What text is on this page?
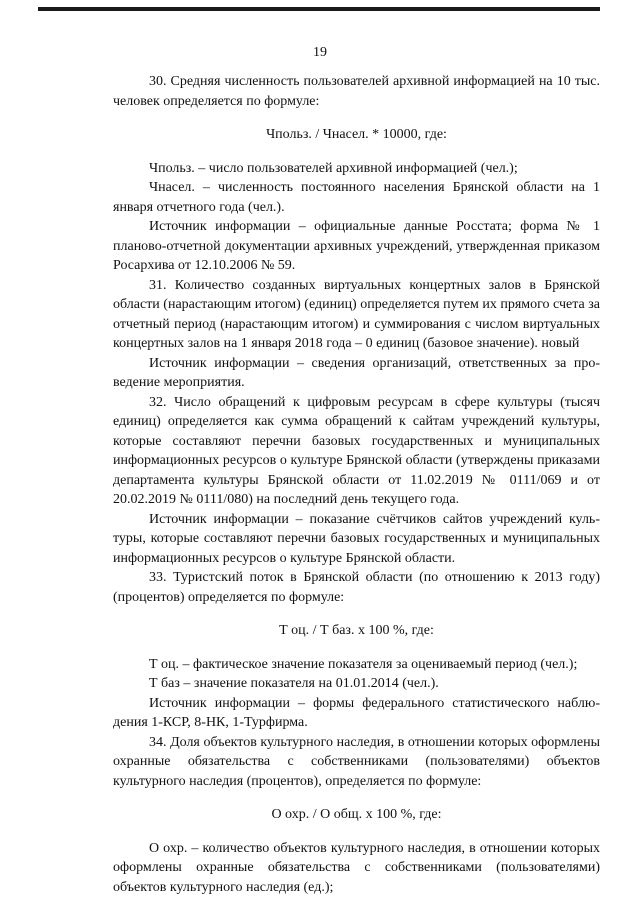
19

30. Средняя численность пользователей архивной информацией на 10 тыс. человек определяется по формуле:

Чпольз. / Чнасел. * 10000, где:

Чпольз. – число пользователей архивной информацией (чел.);

Чнасел. – численность постоянного населения Брянской области на 1 января отчетного года (чел.).

Источник информации – официальные данные Росстата; форма № 1 планово-отчетной документации архивных учреждений, утвержденная приказом Росархива от 12.10.2006 № 59.

31. Количество созданных виртуальных концертных залов в Брянской области (нарастающим итогом) (единиц) определяется путем их прямого счета за отчетный период (нарастающим итогом) и суммирования с числом виртуальных концертных залов на 1 января 2018 года – 0 единиц (базовое значение). новый

Источник информации – сведения организаций, ответственных за проведение мероприятия.

32. Число обращений к цифровым ресурсам в сфере культуры (тысяч единиц) определяется как сумма обращений к сайтам учреждений культуры, которые составляют перечни базовых государственных и муниципальных информационных ресурсов о культуре Брянской области (утверждены приказами департамента культуры Брянской области от 11.02.2019 № 0111/069 и от 20.02.2019 № 0111/080) на последний день текущего года.

Источник информации – показание счётчиков сайтов учреждений культуры, которые составляют перечни базовых государственных и муниципальных информационных ресурсов о культуре Брянской области.

33. Туристский поток в Брянской области (по отношению к 2013 году) (процентов) определяется по формуле:

Т оц. / Т баз. х 100 %, где:

Т оц. – фактическое значение показателя за оцениваемый период (чел.);

Т баз – значение показателя на 01.01.2014 (чел.).

Источник информации – формы федерального статистического наблюдения 1-КСР, 8-НК, 1-Турфирма.

34. Доля объектов культурного наследия, в отношении которых оформлены охранные обязательства с собственниками (пользователями) объектов культурного наследия (процентов), определяется по формуле:

О охр. / О общ. х 100 %, где:

О охр. – количество объектов культурного наследия, в отношении которых оформлены охранные обязательства с собственниками (пользователями) объектов культурного наследия (ед.);
